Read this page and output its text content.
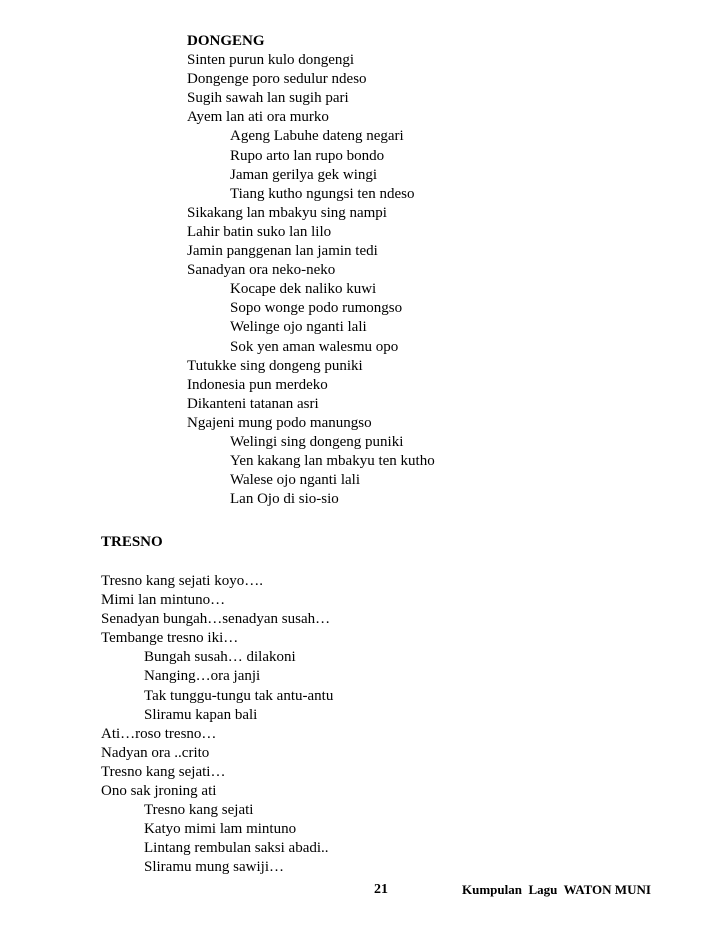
DONGENG
Sinten purun kulo dongengi
Dongenge poro sedulur ndeso
Sugih sawah lan sugih pari
Ayem lan ati ora murko
Ageng Labuhe dateng negari
Rupo arto lan rupo bondo
Jaman gerilya gek wingi
Tiang kutho ngungsi ten ndeso
Sikakang lan mbakyu sing nampi
Lahir batin suko lan lilo
Jamin panggenan lan jamin tedi
Sanadyan ora neko-neko
Kocape dek naliko kuwi
Sopo wonge podo rumongso
Welinge ojo nganti lali
Sok yen aman walesmu opo
Tutukke sing dongeng puniki
Indonesia pun merdeko
Dikanteni tatanan asri
Ngajeni mung podo manungso
Welingi sing dongeng puniki
Yen kakang lan mbakyu ten kutho
Walese ojo nganti lali
Lan Ojo di sio-sio
TRESNO
Tresno kang sejati koyo….
Mimi lan mintuno…
Senadyan bungah…senadyan susah…
Tembange tresno iki…
Bungah susah… dilakoni
Nanging…ora janji
Tak tunggu-tungu tak antu-antu
Sliramu kapan bali
Ati…roso tresno…
Nadyan ora ..crito
Tresno kang sejati…
Ono sak jroning ati
Tresno kang sejati
Katyo mimi lam mintuno
Lintang rembulan saksi abadi..
Sliramu mung sawiji…
21	Kumpulan  Lagu  WATON MUNI
